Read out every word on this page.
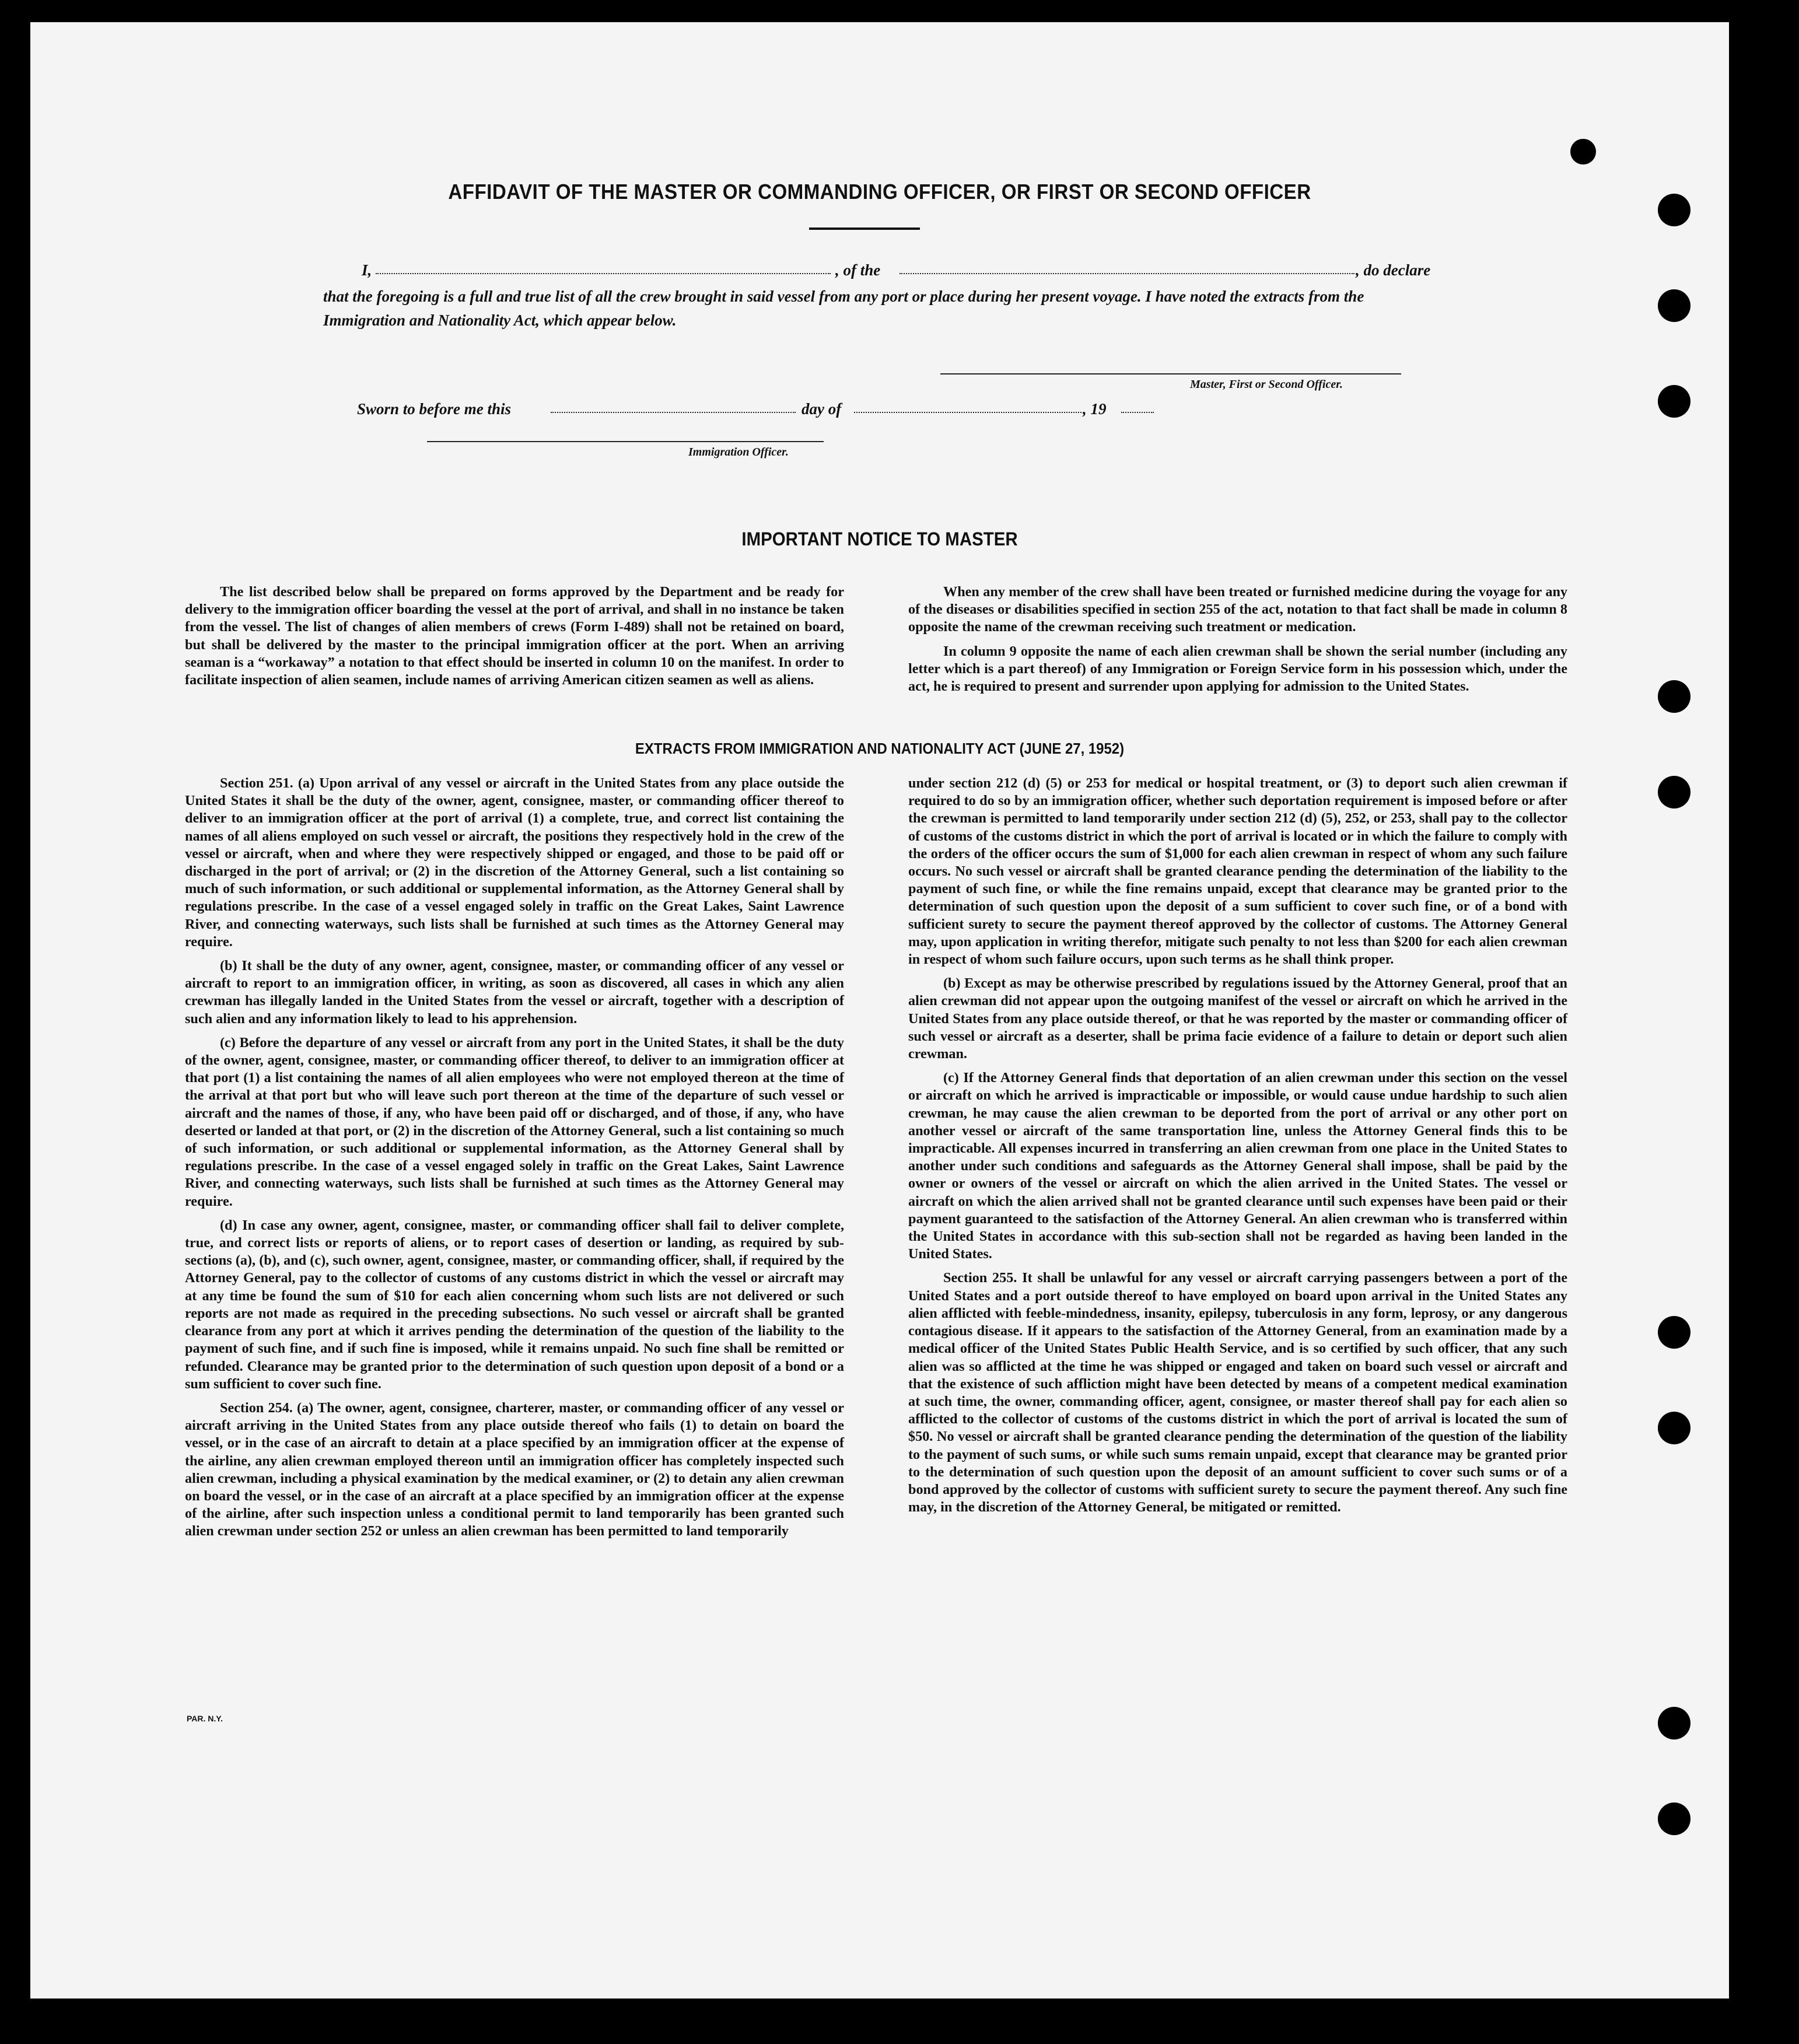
AFFIDAVIT OF THE MASTER OR COMMANDING OFFICER, OR FIRST OR SECOND OFFICER
I,	, of the	, do declare
that the foregoing is a full and true list of all the crew brought in said vessel from any port or place during her present voyage. I have noted the extracts from the Immigration and Nationality Act, which appear below.
Master, First or Second Officer.
Sworn to before me this	day of	, 19
Immigration Officer.
IMPORTANT NOTICE TO MASTER

The list described below shall be prepared on forms approved by the Department and be ready for delivery to the immigration officer boarding the vessel at the port of arrival, and shall in no instance be taken from the vessel. The list of changes of alien members of crews (Form I-489) shall not be retained on board, but shall be delivered by the master to the principal immigration officer at the port. When an arriving seaman is a “workaway” a notation to that effect should be inserted in column 10 on the manifest. In order to facilitate inspection of alien seamen, include names of arriving American citizen seamen as well as aliens.

When any member of the crew shall have been treated or furnished medicine during the voyage for any of the diseases or disabilities specified in section 255 of the act, notation to that fact shall be made in column 8 opposite the name of the crewman receiving such treatment or medication.

In column 9 opposite the name of each alien crewman shall be shown the serial number (including any letter which is a part thereof) of any Immigration or Foreign Service form in his possession which, under the act, he is required to present and surrender upon applying for admission to the United States.

EXTRACTS FROM IMMIGRATION AND NATIONALITY ACT (JUNE 27, 1952)

Section 251. (a) Upon arrival of any vessel or aircraft in the United States from any place outside the United States it shall be the duty of the owner, agent, consignee, master, or commanding officer thereof to deliver to an immigration officer at the port of arrival (1) a complete, true, and correct list containing the names of all aliens employed on such vessel or aircraft, the positions they respectively hold in the crew of the vessel or aircraft, when and where they were respectively shipped or engaged, and those to be paid off or discharged in the port of arrival; or (2) in the discretion of the Attorney General, such a list containing so much of such information, or such additional or supplemental information, as the Attorney General shall by regulations prescribe. In the case of a vessel engaged solely in traffic on the Great Lakes, Saint Lawrence River, and connecting waterways, such lists shall be furnished at such times as the Attorney General may require.

(b) It shall be the duty of any owner, agent, consignee, master, or commanding officer of any vessel or aircraft to report to an immigration officer, in writing, as soon as discovered, all cases in which any alien crewman has illegally landed in the United States from the vessel or aircraft, together with a description of such alien and any information likely to lead to his apprehension.

(c) Before the departure of any vessel or aircraft from any port in the United States, it shall be the duty of the owner, agent, consignee, master, or commanding officer thereof, to deliver to an immigration officer at that port (1) a list containing the names of all alien employees who were not employed thereon at the time of the arrival at that port but who will leave such port thereon at the time of the departure of such vessel or aircraft and the names of those, if any, who have been paid off or discharged, and of those, if any, who have deserted or landed at that port, or (2) in the discretion of the Attorney General, such a list containing so much of such information, or such additional or supplemental information, as the Attorney General shall by regulations prescribe. In the case of a vessel engaged solely in traffic on the Great Lakes, Saint Lawrence River, and connecting waterways, such lists shall be furnished at such times as the Attorney General may require.

(d) In case any owner, agent, consignee, master, or commanding officer shall fail to deliver complete, true, and correct lists or reports of aliens, or to report cases of desertion or landing, as required by sub-sections (a), (b), and (c), such owner, agent, consignee, master, or commanding officer, shall, if required by the Attorney General, pay to the collector of customs of any customs district in which the vessel or aircraft may at any time be found the sum of $10 for each alien concerning whom such lists are not delivered or such reports are not made as required in the preceding subsections. No such vessel or aircraft shall be granted clearance from any port at which it arrives pending the determination of the question of the liability to the payment of such fine, and if such fine is imposed, while it remains unpaid. No such fine shall be remitted or refunded. Clearance may be granted prior to the determination of such question upon deposit of a bond or a sum sufficient to cover such fine.

Section 254. (a) The owner, agent, consignee, charterer, master, or commanding officer of any vessel or aircraft arriving in the United States from any place outside thereof who fails (1) to detain on board the vessel, or in the case of an aircraft to detain at a place specified by an immigration officer at the expense of the airline, any alien crewman employed thereon until an immigration officer has completely inspected such alien crewman, including a physical examination by the medical examiner, or (2) to detain any alien crewman on board the vessel, or in the case of an aircraft at a place specified by an immigration officer at the expense of the airline, after such inspection unless a conditional permit to land temporarily has been granted such alien crewman under section 252 or unless an alien crewman has been permitted to land temporarily

under section 212 (d) (5) or 253 for medical or hospital treatment, or (3) to deport such alien crewman if required to do so by an immigration officer, whether such deportation requirement is imposed before or after the crewman is permitted to land temporarily under section 212 (d) (5), 252, or 253, shall pay to the collector of customs of the customs district in which the port of arrival is located or in which the failure to comply with the orders of the officer occurs the sum of $1,000 for each alien crewman in respect of whom any such failure occurs. No such vessel or aircraft shall be granted clearance pending the determination of the liability to the payment of such fine, or while the fine remains unpaid, except that clearance may be granted prior to the determination of such question upon the deposit of a sum sufficient to cover such fine, or of a bond with sufficient surety to secure the payment thereof approved by the collector of customs. The Attorney General may, upon application in writing therefor, mitigate such penalty to not less than $200 for each alien crewman in respect of whom such failure occurs, upon such terms as he shall think proper.

(b) Except as may be otherwise prescribed by regulations issued by the Attorney General, proof that an alien crewman did not appear upon the outgoing manifest of the vessel or aircraft on which he arrived in the United States from any place outside thereof, or that he was reported by the master or commanding officer of such vessel or aircraft as a deserter, shall be prima facie evidence of a failure to detain or deport such alien crewman.

(c) If the Attorney General finds that deportation of an alien crewman under this section on the vessel or aircraft on which he arrived is impracticable or impossible, or would cause undue hardship to such alien crewman, he may cause the alien crewman to be deported from the port of arrival or any other port on another vessel or aircraft of the same transportation line, unless the Attorney General finds this to be impracticable. All expenses incurred in transferring an alien crewman from one place in the United States to another under such conditions and safeguards as the Attorney General shall impose, shall be paid by the owner or owners of the vessel or aircraft on which the alien arrived in the United States. The vessel or aircraft on which the alien arrived shall not be granted clearance until such expenses have been paid or their payment guaranteed to the satisfaction of the Attorney General. An alien crewman who is transferred within the United States in accordance with this sub-section shall not be regarded as having been landed in the United States.

Section 255. It shall be unlawful for any vessel or aircraft carrying passengers between a port of the United States and a port outside thereof to have employed on board upon arrival in the United States any alien afflicted with feeble-mindedness, insanity, epilepsy, tuberculosis in any form, leprosy, or any dangerous contagious disease. If it appears to the satisfaction of the Attorney General, from an examination made by a medical officer of the United States Public Health Service, and is so certified by such officer, that any such alien was so afflicted at the time he was shipped or engaged and taken on board such vessel or aircraft and that the existence of such affliction might have been detected by means of a competent medical examination at such time, the owner, commanding officer, agent, consignee, or master thereof shall pay for each alien so afflicted to the collector of customs of the customs district in which the port of arrival is located the sum of $50. No vessel or aircraft shall be granted clearance pending the determination of the question of the liability to the payment of such sums, or while such sums remain unpaid, except that clearance may be granted prior to the determination of such question upon the deposit of an amount sufficient to cover such sums or of a bond approved by the collector of customs with sufficient surety to secure the payment thereof. Any such fine may, in the discretion of the Attorney General, be mitigated or remitted.

PAR. N.Y.
